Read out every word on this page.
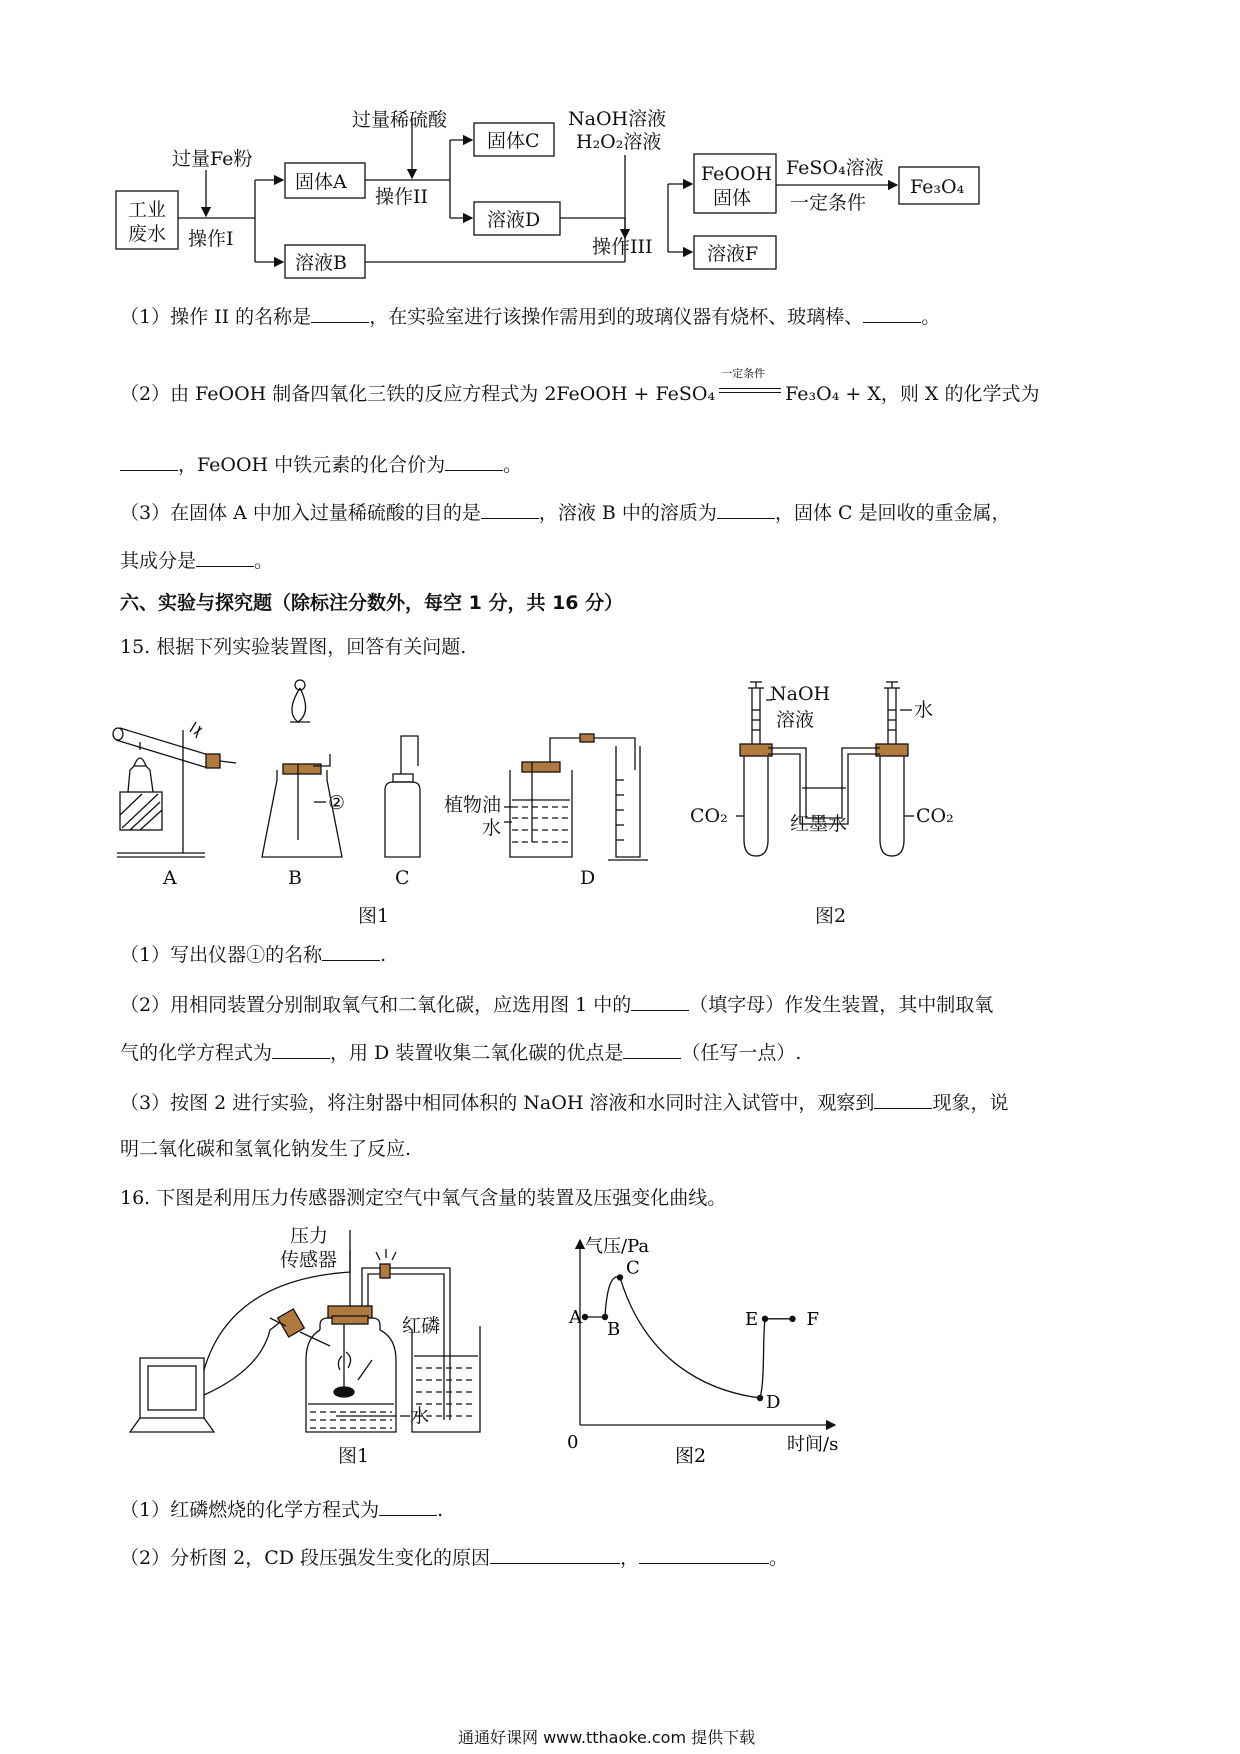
工业
废水
固体A
溶液B
固体C
溶液D
FeOOH
固体
溶液F
Fe₃O₄
过量Fe粉
操作I
过量稀硫酸
操作II
NaOH溶液
H₂O₂溶液
操作III
FeSO₄溶液
一定条件
（1）操作 II 的名称是	，在实验室进行该操作需用到的玻璃仪器有烧杯、玻璃棒、	。
（2）由 FeOOH 制备四氧化三铁的反应方程式为 2FeOOH + FeSO₄
一定条件
Fe₃O₄ + X，则 X 的化学式为
，FeOOH 中铁元素的化合价为	。
（3）在固体 A 中加入过量稀硫酸的目的是	，溶液 B 中的溶质为	，固体 C 是回收的重金属，
其成分是	。
六、实验与探究题（除标注分数外，每空 1 分，共 16 分）
15. 根据下列实验装置图，回答有关问题.
A	B	C	D
②	植物油
水
图1
NaOH
溶液	水
CO₂	CO₂
红墨水
图2
（1）写出仪器①的名称	.
（2）用相同装置分别制取氧气和二氧化碳，应选用图 1 中的	（填字母）作发生装置，其中制取氧
气的化学方程式为	，用 D 装置收集二氧化碳的优点是	（任写一点）.
（3）按图 2 进行实验，将注射器中相同体积的 NaOH 溶液和水同时注入试管中，观察到	现象，说
明二氧化碳和氢氧化钠发生了反应.
16. 下图是利用压力传感器测定空气中氧气含量的装置及压强变化曲线。
压力
传感器
红磷
水
图1
气压/Pa
时间/s
0
A
B
C
D
E	F
图2
（1）红磷燃烧的化学方程式为	.
（2）分析图 2，CD 段压强发生变化的原因	，	。
通通好课网 www.tthaoke.com 提供下载
